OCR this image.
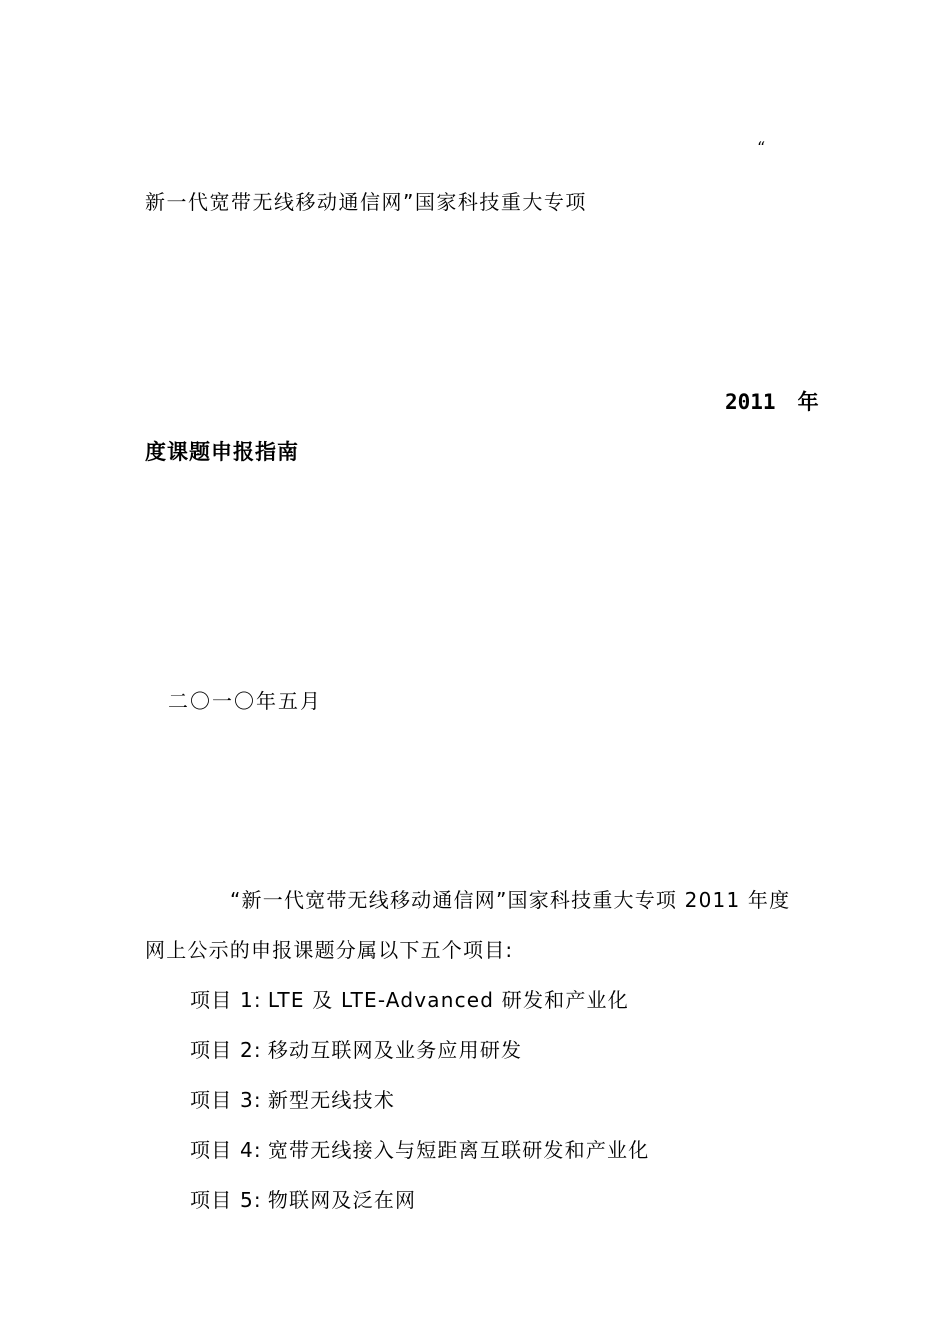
“
新一代宽带无线移动通信网”国家科技重大专项
2011 年
度课题申报指南
二〇一〇年五月
“新一代宽带无线移动通信网”国家科技重大专项 2011 年度
网上公示的申报课题分属以下五个项目:
项目 1: LTE 及 LTE-Advanced 研发和产业化
项目 2: 移动互联网及业务应用研发
项目 3: 新型无线技术
项目 4: 宽带无线接入与短距离互联研发和产业化
项目 5: 物联网及泛在网
